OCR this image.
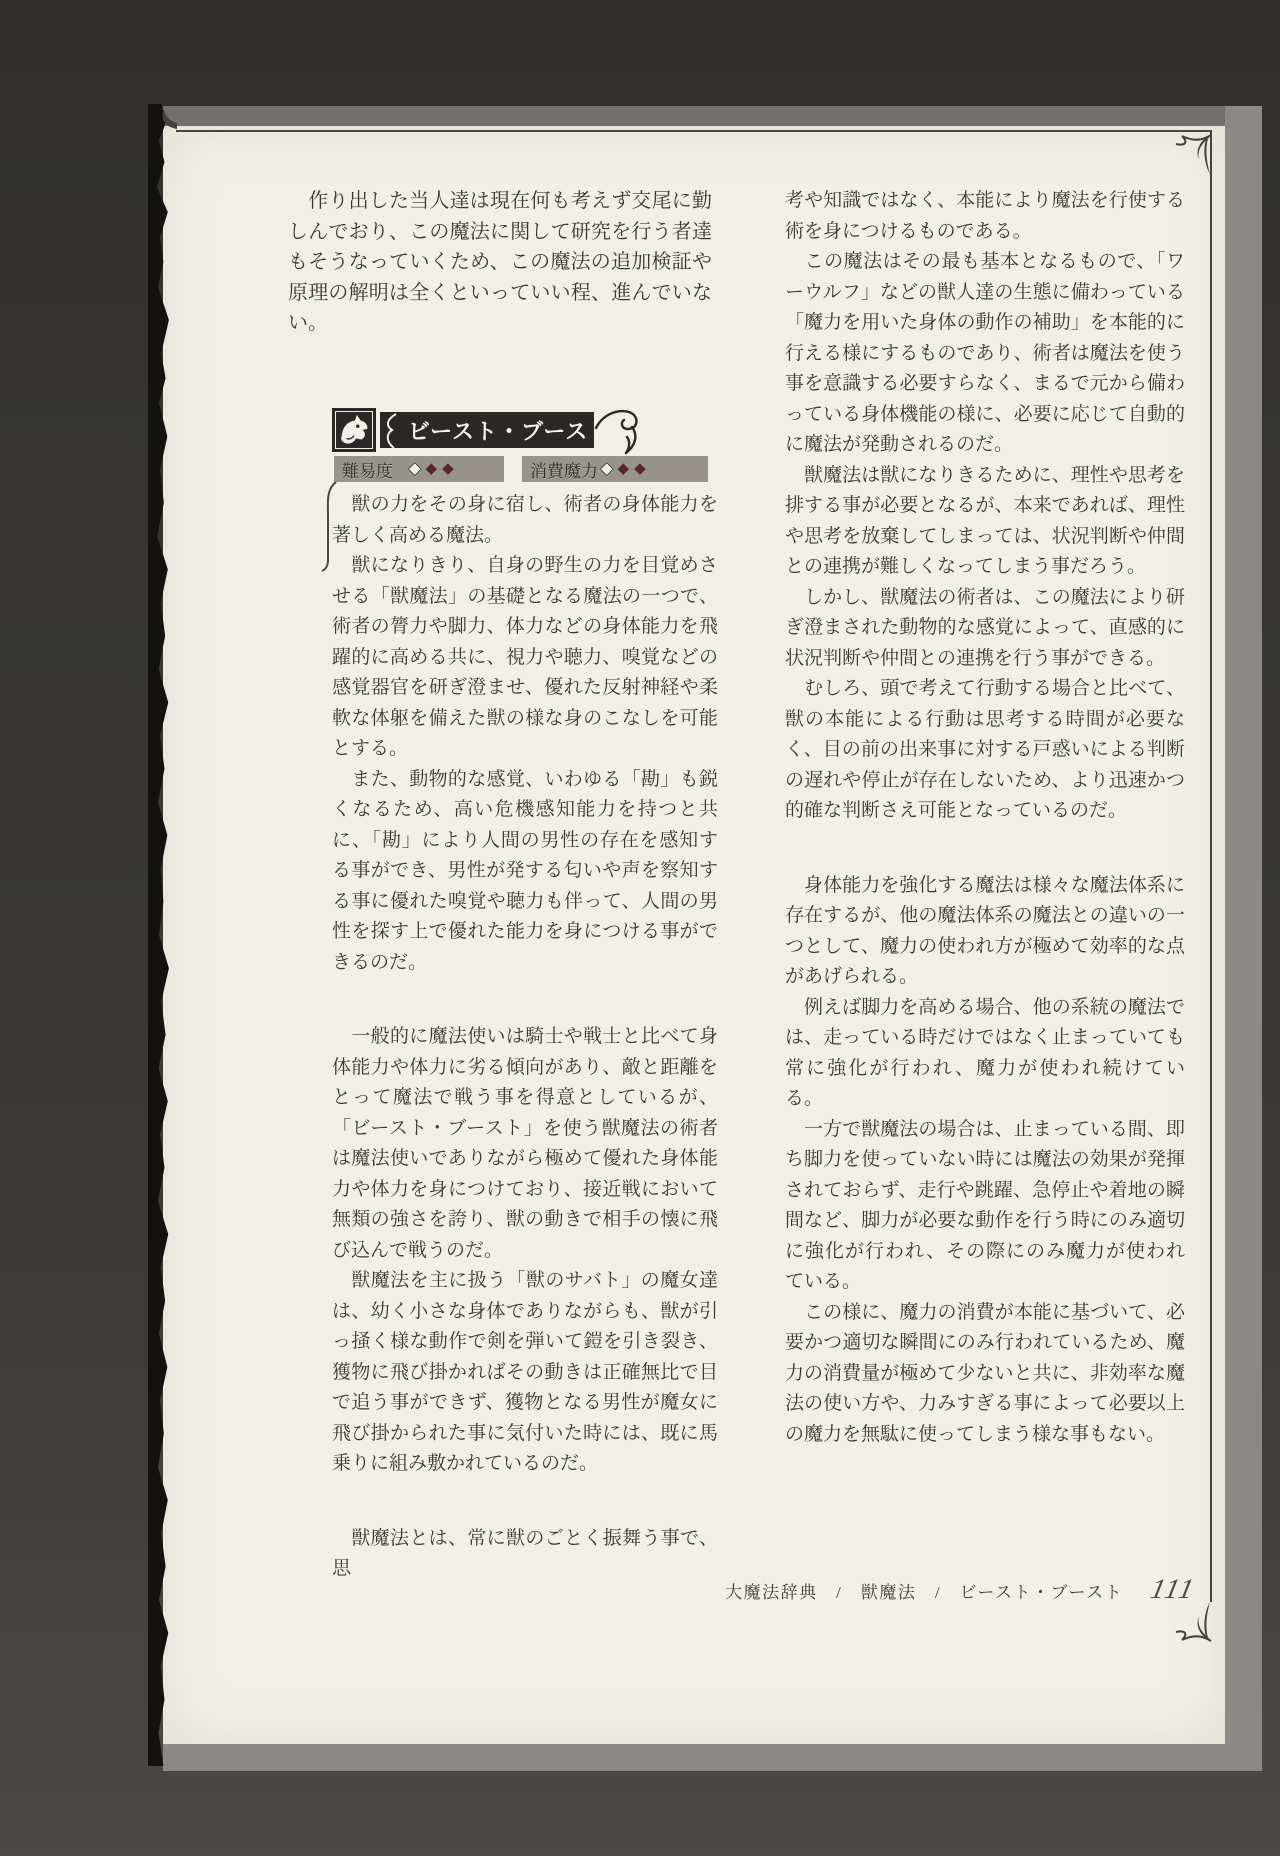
　作り出した当人達は現在何も考えず交尾に勤しんでおり、この魔法に関して研究を行う者達もそうなっていくため、この魔法の追加検証や原理の解明は全くといっていい程、進んでいない。

ビースト・ブースト
難易度 ◆◆◆	消費魔力 ◆◆◆

　獣の力をその身に宿し、術者の身体能力を著しく高める魔法。

　獣になりきり、自身の野生の力を目覚めさせる「獣魔法」の基礎となる魔法の一つで、術者の膂力や脚力、体力などの身体能力を飛躍的に高める共に、視力や聴力、嗅覚などの感覚器官を研ぎ澄ませ、優れた反射神経や柔軟な体躯を備えた獣の様な身のこなしを可能とする。

　また、動物的な感覚、いわゆる「勘」も鋭くなるため、高い危機感知能力を持つと共に、「勘」により人間の男性の存在を感知する事ができ、男性が発する匂いや声を察知する事に優れた嗅覚や聴力も伴って、人間の男性を探す上で優れた能力を身につける事ができるのだ。

　一般的に魔法使いは騎士や戦士と比べて身体能力や体力に劣る傾向があり、敵と距離をとって魔法で戦う事を得意としているが、「ビースト・ブースト」を使う獣魔法の術者は魔法使いでありながら極めて優れた身体能力や体力を身につけており、接近戦において無類の強さを誇り、獣の動きで相手の懐に飛び込んで戦うのだ。

　獣魔法を主に扱う「獣のサバト」の魔女達は、幼く小さな身体でありながらも、獣が引っ掻く様な動作で剣を弾いて鎧を引き裂き、獲物に飛び掛かればその動きは正確無比で目で追う事ができず、獲物となる男性が魔女に飛び掛かられた事に気付いた時には、既に馬乗りに組み敷かれているのだ。

　獣魔法とは、常に獣のごとく振舞う事で、思

考や知識ではなく、本能により魔法を行使する術を身につけるものである。

　この魔法はその最も基本となるもので、「ワーウルフ」などの獣人達の生態に備わっている「魔力を用いた身体の動作の補助」を本能的に行える様にするものであり、術者は魔法を使う事を意識する必要すらなく、まるで元から備わっている身体機能の様に、必要に応じて自動的に魔法が発動されるのだ。

　獣魔法は獣になりきるために、理性や思考を排する事が必要となるが、本来であれば、理性や思考を放棄してしまっては、状況判断や仲間との連携が難しくなってしまう事だろう。

　しかし、獣魔法の術者は、この魔法により研ぎ澄まされた動物的な感覚によって、直感的に状況判断や仲間との連携を行う事ができる。

　むしろ、頭で考えて行動する場合と比べて、獣の本能による行動は思考する時間が必要なく、目の前の出来事に対する戸惑いによる判断の遅れや停止が存在しないため、より迅速かつ的確な判断さえ可能となっているのだ。

　身体能力を強化する魔法は様々な魔法体系に存在するが、他の魔法体系の魔法との違いの一つとして、魔力の使われ方が極めて効率的な点があげられる。

　例えば脚力を高める場合、他の系統の魔法では、走っている時だけではなく止まっていても常に強化が行われ、魔力が使われ続けている。

　一方で獣魔法の場合は、止まっている間、即ち脚力を使っていない時には魔法の効果が発揮されておらず、走行や跳躍、急停止や着地の瞬間など、脚力が必要な動作を行う時にのみ適切に強化が行われ、その際にのみ魔力が使われている。

　この様に、魔力の消費が本能に基づいて、必要かつ適切な瞬間にのみ行われているため、魔力の消費量が極めて少ないと共に、非効率な魔法の使い方や、力みすぎる事によって必要以上の魔力を無駄に使ってしまう様な事もない。

大魔法辞典　/　獣魔法　/　ビースト・ブースト 111
